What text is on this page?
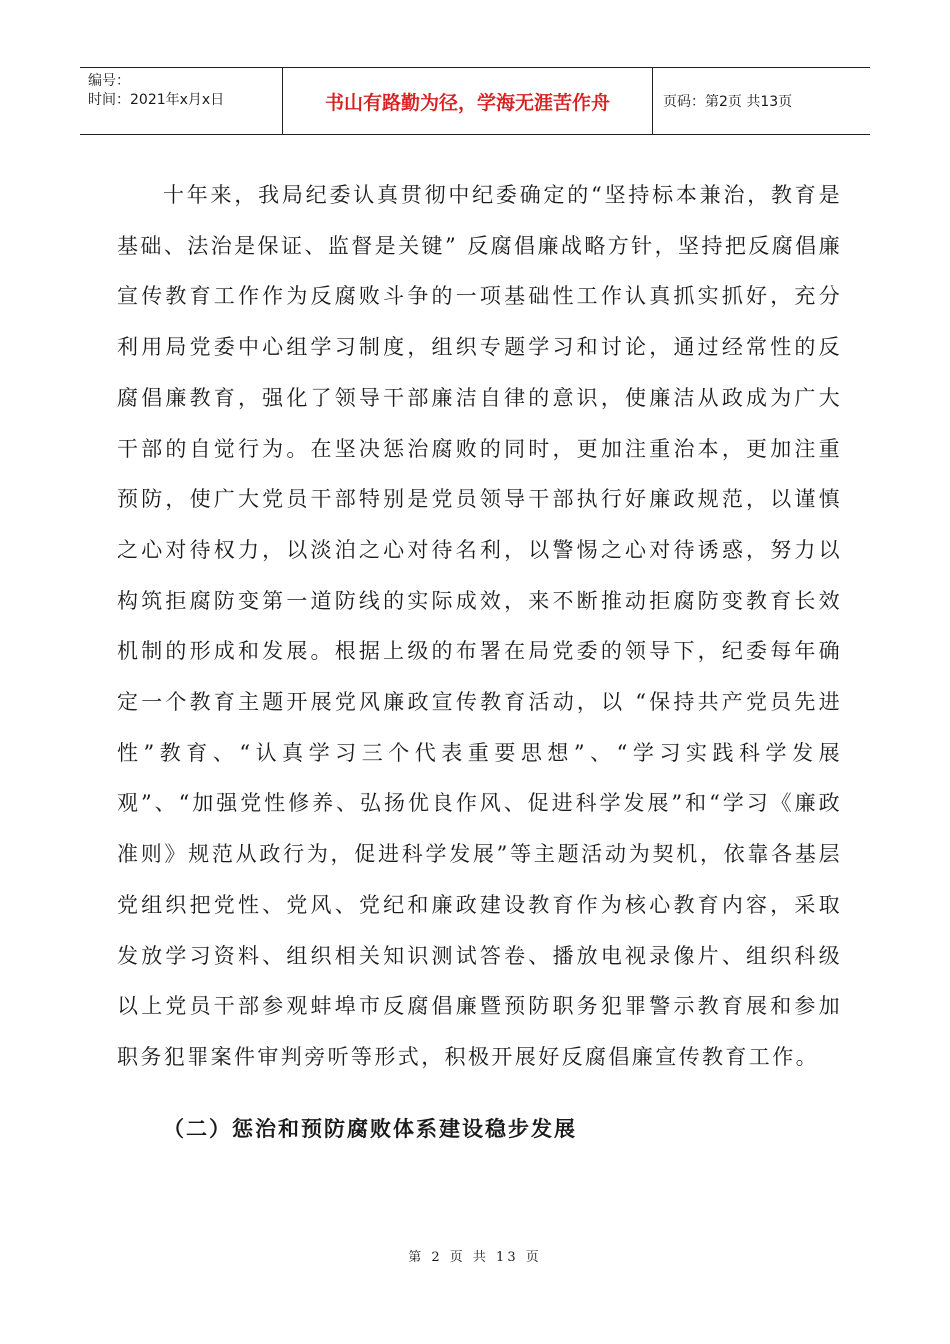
编号：
时间：2021年x月x日	书山有路勤为径，学海无涯苦作舟	页码：第2页 共13页

十年来，我局纪委认真贯彻中纪委确定的“坚持标本兼治，教育是基础、法治是保证、监督是关键” 反腐倡廉战略方针，坚持把反腐倡廉宣传教育工作作为反腐败斗争的一项基础性工作认真抓实抓好，充分利用局党委中心组学习制度，组织专题学习和讨论，通过经常性的反腐倡廉教育，强化了领导干部廉洁自律的意识，使廉洁从政成为广大干部的自觉行为。在坚决惩治腐败的同时，更加注重治本，更加注重预防，使广大党员干部特别是党员领导干部执行好廉政规范，以谨慎之心对待权力，以淡泊之心对待名利，以警惕之心对待诱惑，努力以构筑拒腐防变第一道防线的实际成效，来不断推动拒腐防变教育长效机制的形成和发展。根据上级的布署在局党委的领导下，纪委每年确定一个教育主题开展党风廉政宣传教育活动，以 “保持共产党员先进性”教育、“认真学习三个代表重要思想”、“学习实践科学发展观”、“加强党性修养、弘扬优良作风、促进科学发展”和“学习《廉政准则》规范从政行为，促进科学发展”等主题活动为契机，依靠各基层党组织把党性、党风、党纪和廉政建设教育作为核心教育内容，采取发放学习资料、组织相关知识测试答卷、播放电视录像片、组织科级以上党员干部参观蚌埠市反腐倡廉暨预防职务犯罪警示教育展和参加职务犯罪案件审判旁听等形式，积极开展好反腐倡廉宣传教育工作。

（二）惩治和预防腐败体系建设稳步发展

第 2 页 共 13 页
